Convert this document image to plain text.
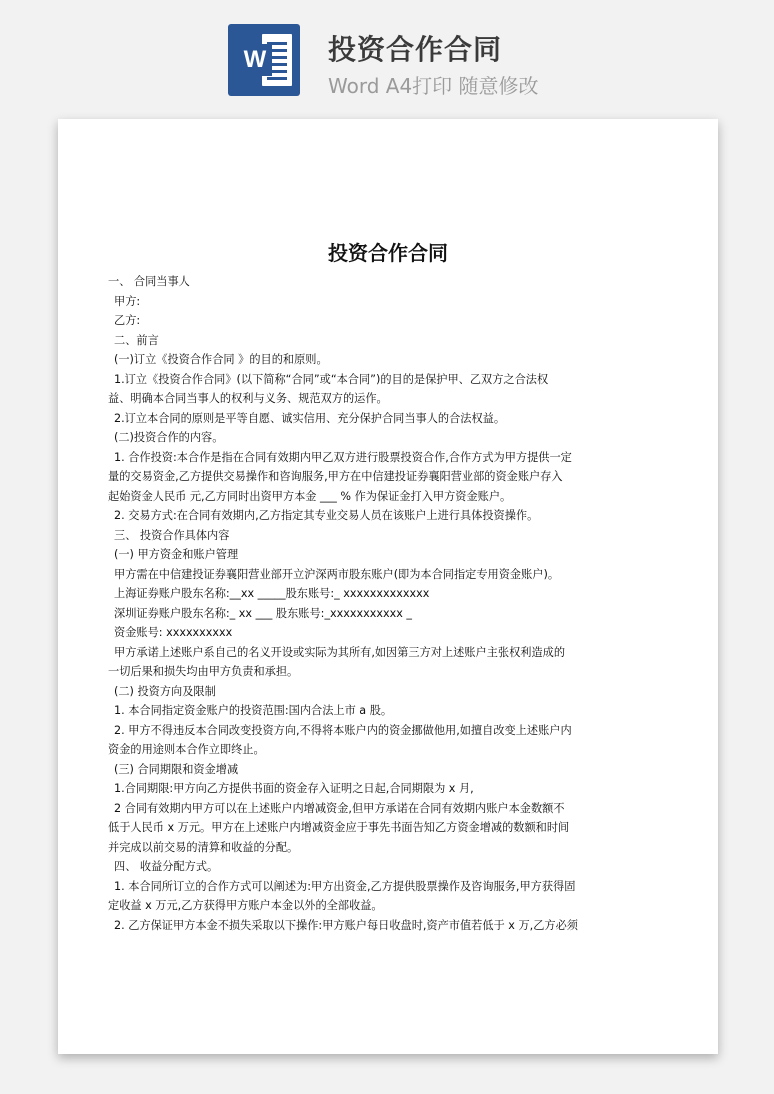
W 投资合作合同
Word A4打印 随意修改
投资合作合同

一、 合同当事人

甲方:

乙方:

二、前言

(一)订立《投资合作合同 》的目的和原则。

1.订立《投资合作合同》(以下简称“合同”或“本合同”)的目的是保护甲、乙双方之合法权

益、明确本合同当事人的权利与义务、规范双方的运作。

2.订立本合同的原则是平等自愿、诚实信用、充分保护合同当事人的合法权益。

(二)投资合作的内容。

1. 合作投资:本合作是指在合同有效期内甲乙双方进行股票投资合作,合作方式为甲方提供一定

量的交易资金,乙方提供交易操作和咨询服务,甲方在中信建投证券襄阳营业部的资金账户存入

起始资金人民币 元,乙方同时出资甲方本金 ___ % 作为保证金打入甲方资金账户。

2. 交易方式:在合同有效期内,乙方指定其专业交易人员在该账户上进行具体投资操作。

三、 投资合作具体内容

(一) 甲方资金和账户管理

甲方需在中信建投证券襄阳营业部开立沪深两市股东账户(即为本合同指定专用资金账户)。

上海证券账户股东名称:__xx _____股东账号:_ xxxxxxxxxxxxx

深圳证券账户股东名称:_ xx ___ 股东账号:_xxxxxxxxxxx _

资金账号: xxxxxxxxxx

甲方承诺上述账户系自己的名义开设或实际为其所有,如因第三方对上述账户主张权利造成的

一切后果和损失均由甲方负责和承担。

(二) 投资方向及限制

1. 本合同指定资金账户的投资范围:国内合法上市 a 股。

2. 甲方不得违反本合同改变投资方向,不得将本账户内的资金挪做他用,如擅自改变上述账户内

资金的用途则本合作立即终止。

(三) 合同期限和资金增减

1.合同期限:甲方向乙方提供书面的资金存入证明之日起,合同期限为 x 月,

2 合同有效期内甲方可以在上述账户内增减资金,但甲方承诺在合同有效期内账户本金数额不

低于人民币 x 万元。甲方在上述账户内增减资金应于事先书面告知乙方资金增减的数额和时间

并完成以前交易的清算和收益的分配。

四、 收益分配方式。

1. 本合同所订立的合作方式可以阐述为:甲方出资金,乙方提供股票操作及咨询服务,甲方获得固

定收益 x 万元,乙方获得甲方账户本金以外的全部收益。

2. 乙方保证甲方本金不损失采取以下操作:甲方账户每日收盘时,资产市值若低于 x 万,乙方必须
